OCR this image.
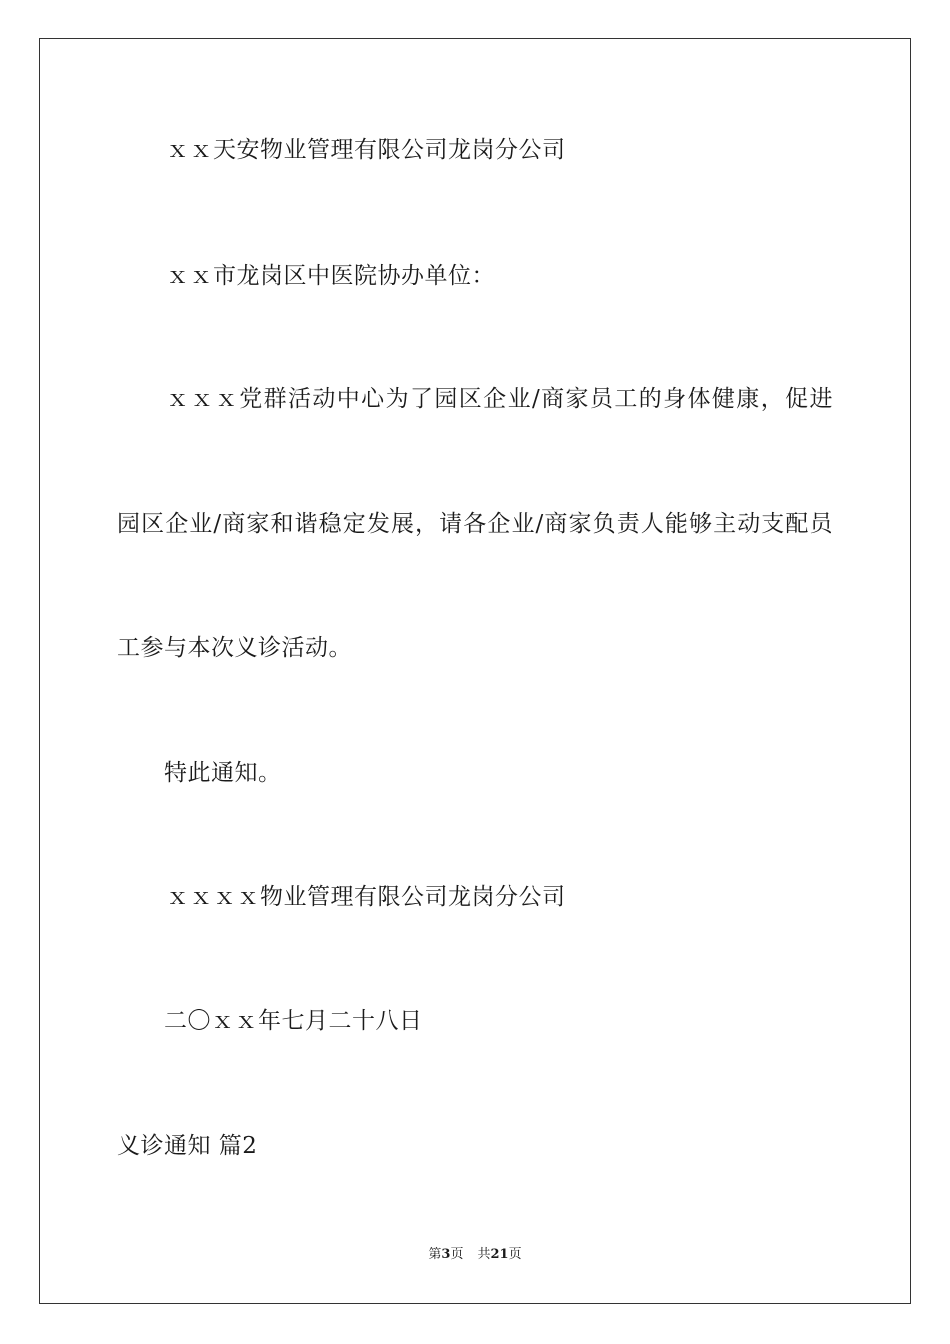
ｘｘ天安物业管理有限公司龙岗分公司
ｘｘ市龙岗区中医院协办单位：
ｘｘｘ党群活动中心为了园区企业/商家员工的身体健康，促进
园区企业/商家和谐稳定发展，请各企业/商家负责人能够主动支配员
工参与本次义诊活动。
特此通知。
ｘｘｘｘ物业管理有限公司龙岗分公司
二〇ｘｘ年七月二十八日
义诊通知 篇2
第3页 共21页
